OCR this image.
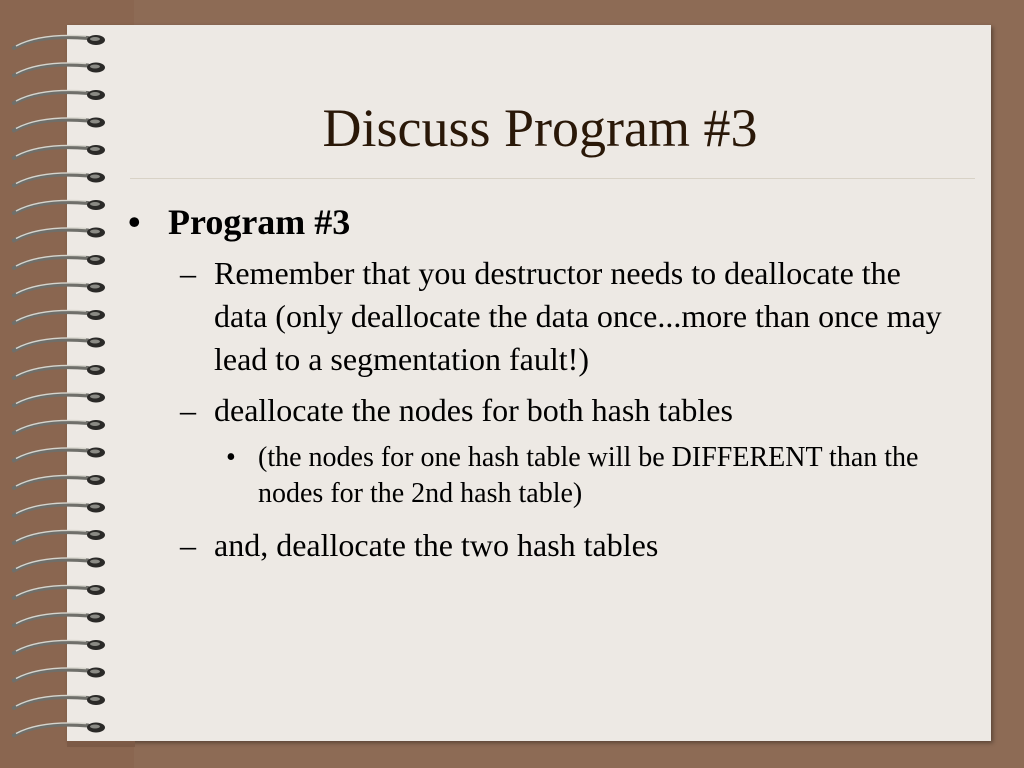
Discuss Program #3
• Program #3
– Remember that you destructor needs to deallocate the data (only deallocate the data once...more than once may lead to a segmentation fault!)
– deallocate the nodes for both hash tables
• (the nodes for one hash table will be DIFFERENT than the nodes for the 2nd hash table)
– and, deallocate the two hash tables
